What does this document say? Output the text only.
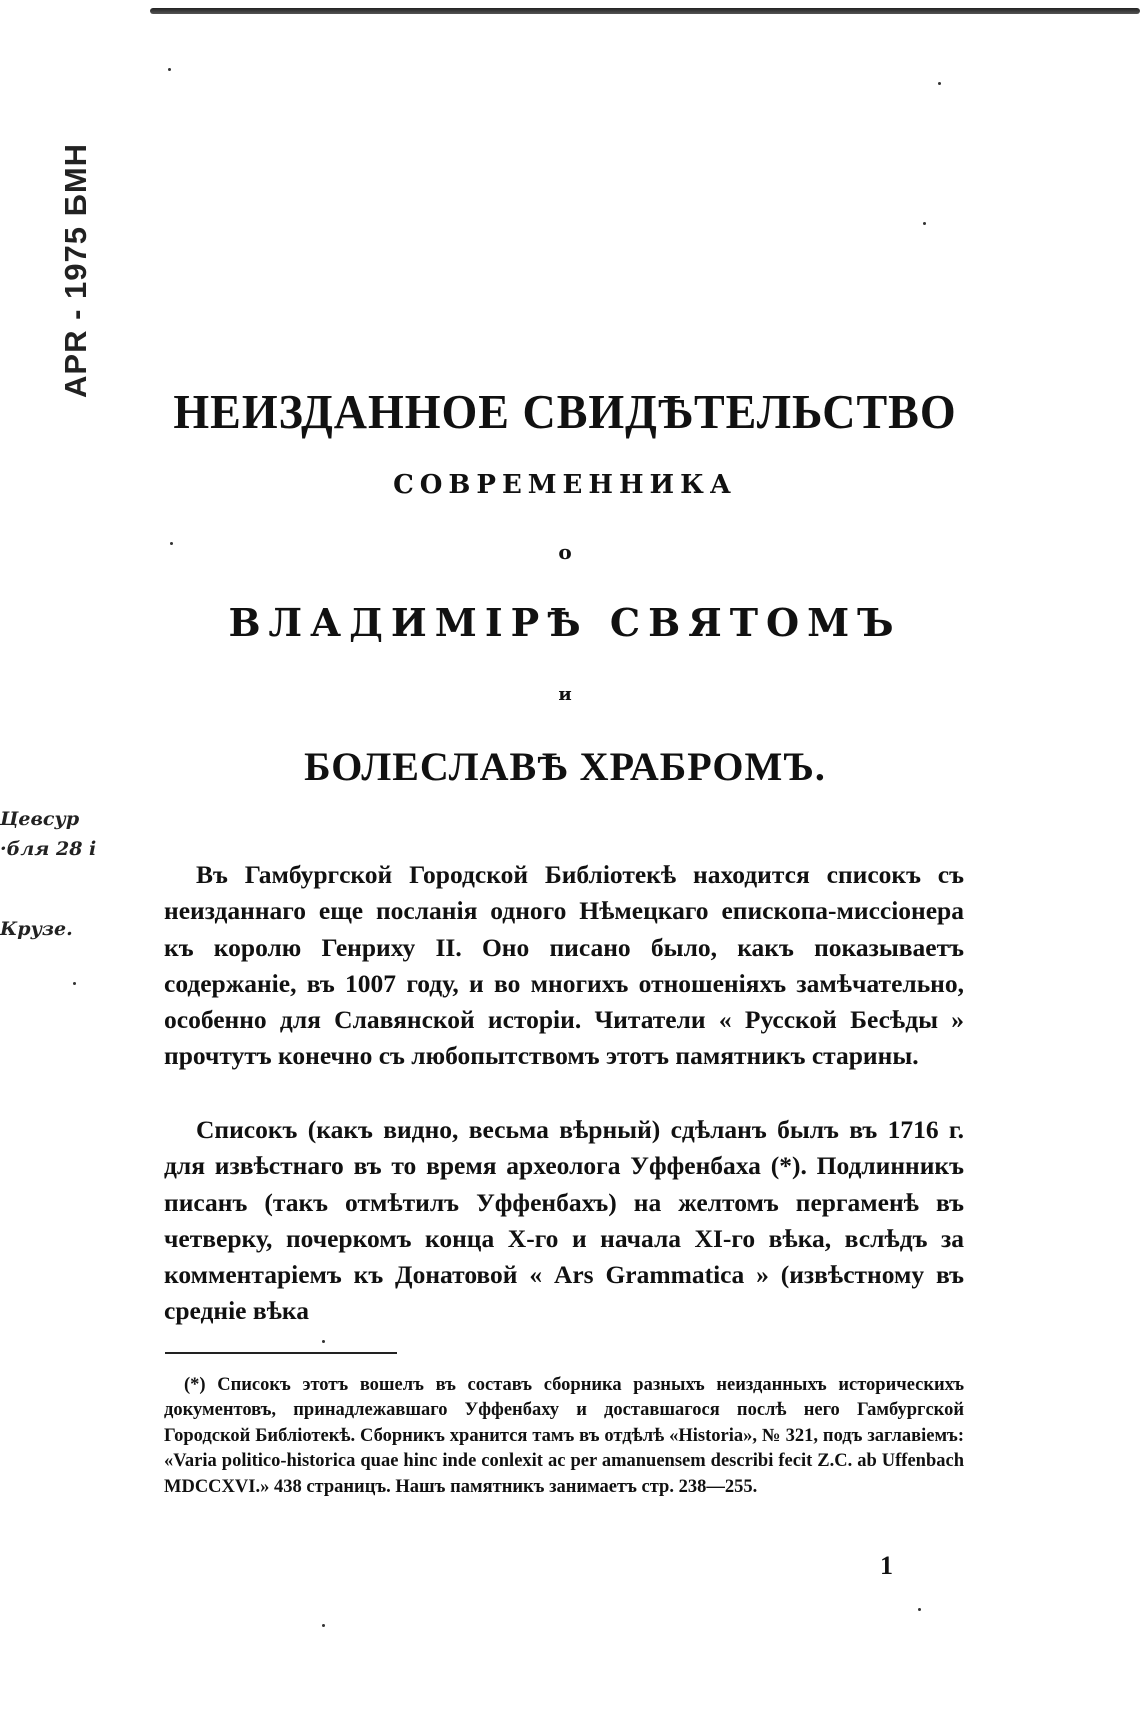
APR - 1975 БМН
Цевсур
·бля 28 і
Крузе.
НЕИЗДАННОЕ СВИДѢТЕЛЬСТВО
СОВРЕМЕННИКА
о
ВЛАДИМІРѢ СВЯТОМЪ
и
БОЛЕСЛАВѢ ХРАБРОМЪ.
Въ Гамбургской Городской Библіотекѣ находится списокъ съ неизданнаго еще посланія одного Нѣмецкаго епископа-миссіонера къ королю Генриху II. Оно писано было, какъ показываетъ содержаніе, въ 1007 году, и во многихъ отношеніяхъ замѣчательно, особенно для Славянской исторіи. Читатели « Русской Бесѣды » прочтутъ конечно съ любопытствомъ этотъ памятникъ старины.
Списокъ (какъ видно, весьма вѣрный) сдѣланъ былъ въ 1716 г. для извѣстнаго въ то время археолога Уффенбаха (*). Подлинникъ писанъ (такъ отмѣтилъ Уффенбахъ) на желтомъ пергаменѣ въ четверку, почеркомъ конца X-го и начала XI-го вѣка, вслѣдъ за комментаріемъ къ Донатовой « Ars Grammatica » (извѣстному въ средніе вѣка
(*) Списокъ этотъ вошелъ въ составъ сборника разныхъ неизданныхъ историческихъ документовъ, принадлежавшаго Уффенбаху и доставшагося послѣ него Гамбургской Городской Библіотекѣ. Сборникъ хранится тамъ въ отдѣлѣ «Historia», № 321, подъ заглавіемъ: «Varia politico-historica quae hinc inde conlexit ac per amanuensem describi fecit Z.C. ab Uffenbach MDCCXVI.» 438 страницъ. Нашъ памятникъ занимаетъ стр. 238—255.
1
